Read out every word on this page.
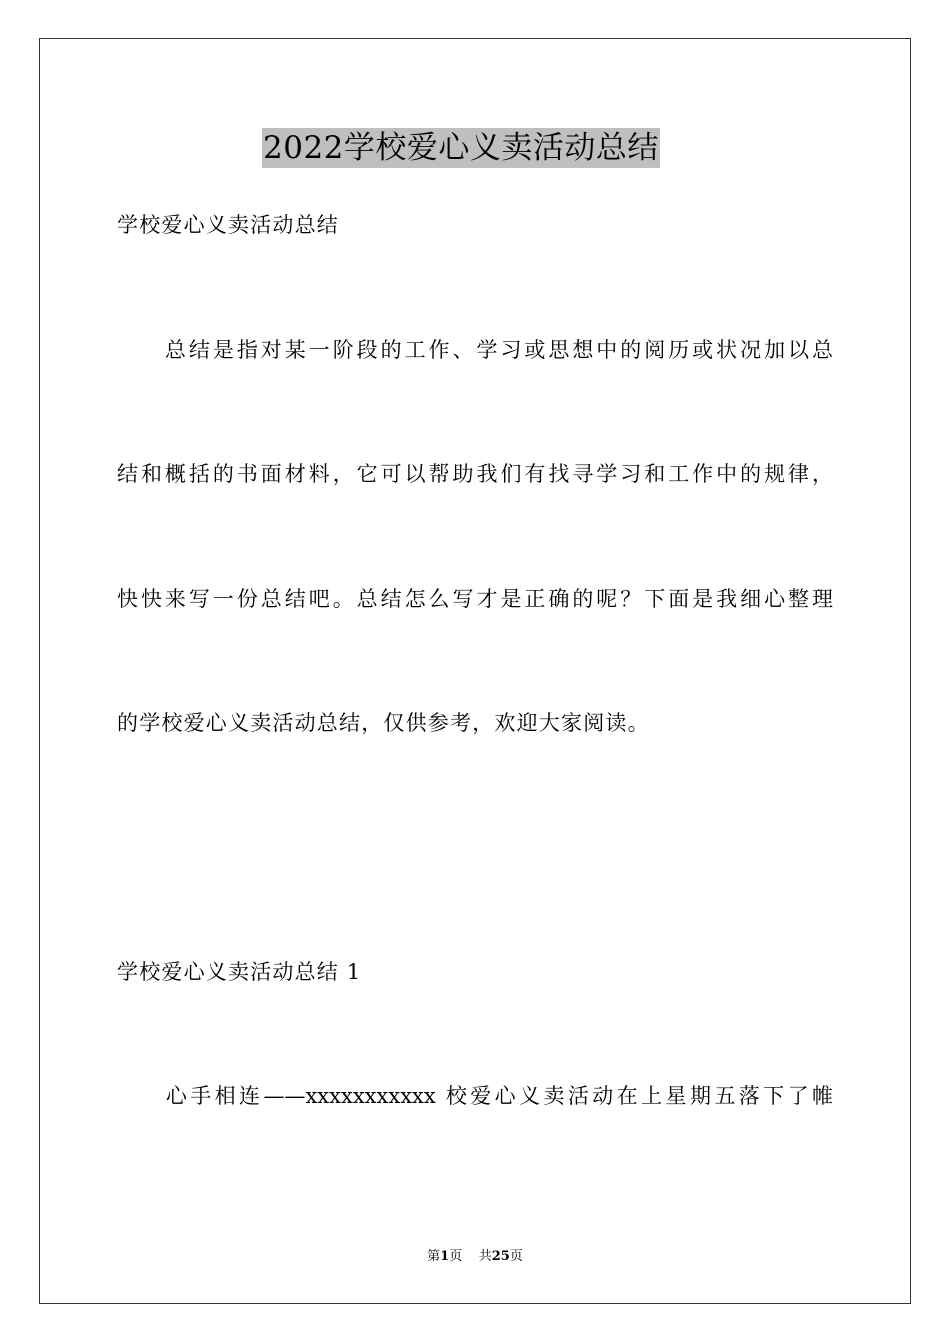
2022学校爱心义卖活动总结
学校爱心义卖活动总结
　　总结是指对某一阶段的工作、学习或思想中的阅历或状况加以总
结和概括的书面材料，它可以帮助我们有找寻学习和工作中的规律，
快快来写一份总结吧。总结怎么写才是正确的呢？下面是我细心整理
的学校爱心义卖活动总结，仅供参考，欢迎大家阅读。
学校爱心义卖活动总结 1
　　心手相连——xxxxxxxxxxx 校爱心义卖活动在上星期五落下了帷
第1页 共25页
